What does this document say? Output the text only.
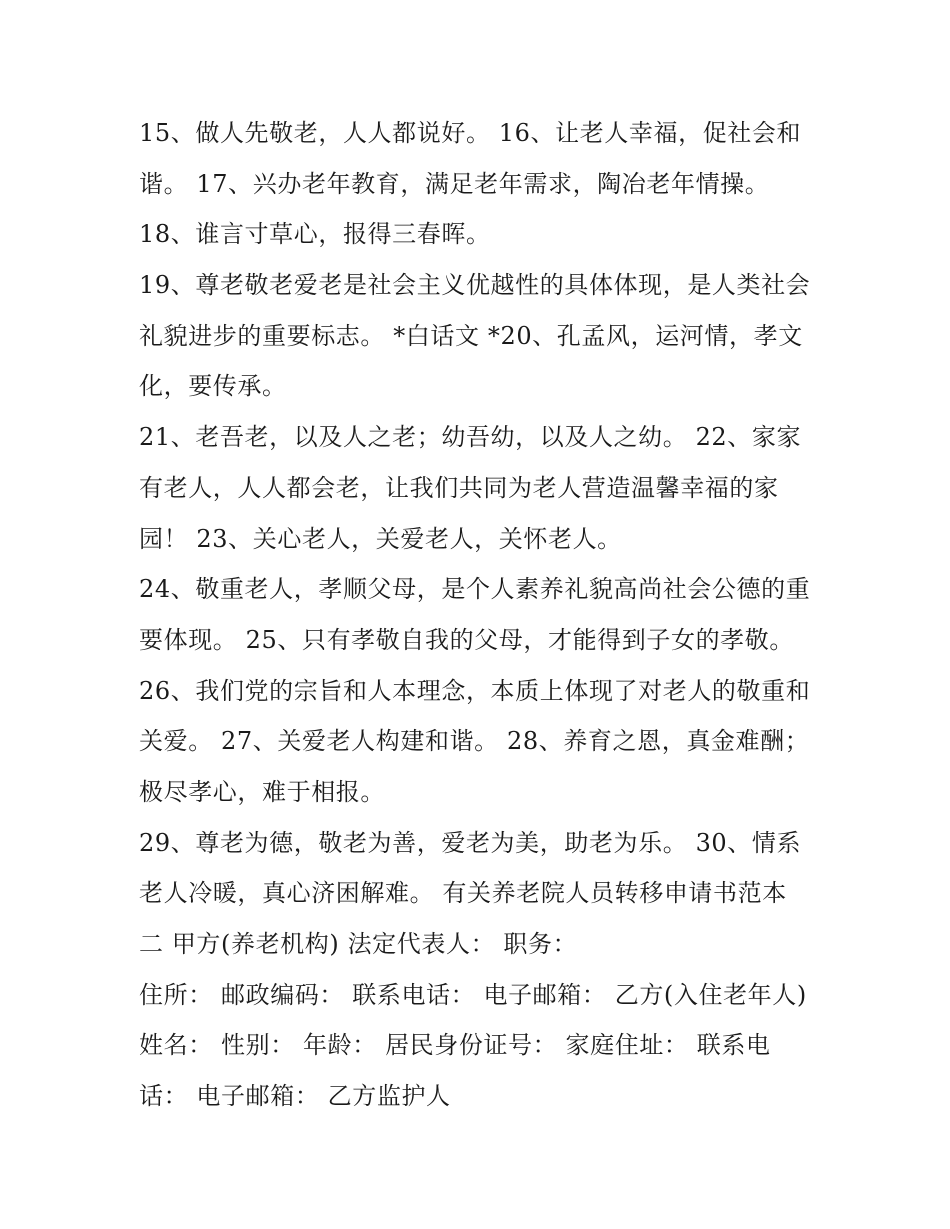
15、做人先敬老，人人都说好。 16、让老人幸福，促社会和
谐。 17、兴办老年教育，满足老年需求，陶冶老年情操。
18、谁言寸草心，报得三春晖。
19、尊老敬老爱老是社会主义优越性的具体体现，是人类社会
礼貌进步的重要标志。 *白话文 *20、孔孟风，运河情，孝文
化，要传承。
21、老吾老，以及人之老；幼吾幼，以及人之幼。 22、家家
有老人，人人都会老，让我们共同为老人营造温馨幸福的家
园！ 23、关心老人，关爱老人，关怀老人。
24、敬重老人，孝顺父母，是个人素养礼貌高尚社会公德的重
要体现。 25、只有孝敬自我的父母，才能得到子女的孝敬。
26、我们党的宗旨和人本理念，本质上体现了对老人的敬重和
关爱。 27、关爱老人构建和谐。 28、养育之恩，真金难酬；
极尽孝心，难于相报。
29、尊老为德，敬老为善，爱老为美，助老为乐。 30、情系
老人冷暖，真心济困解难。 有关养老院人员转移申请书范本
二 甲方(养老机构) 法定代表人： 职务：
住所： 邮政编码： 联系电话： 电子邮箱： 乙方(入住老年人)
姓名： 性别： 年龄： 居民身份证号： 家庭住址： 联系电
话： 电子邮箱： 乙方监护人
